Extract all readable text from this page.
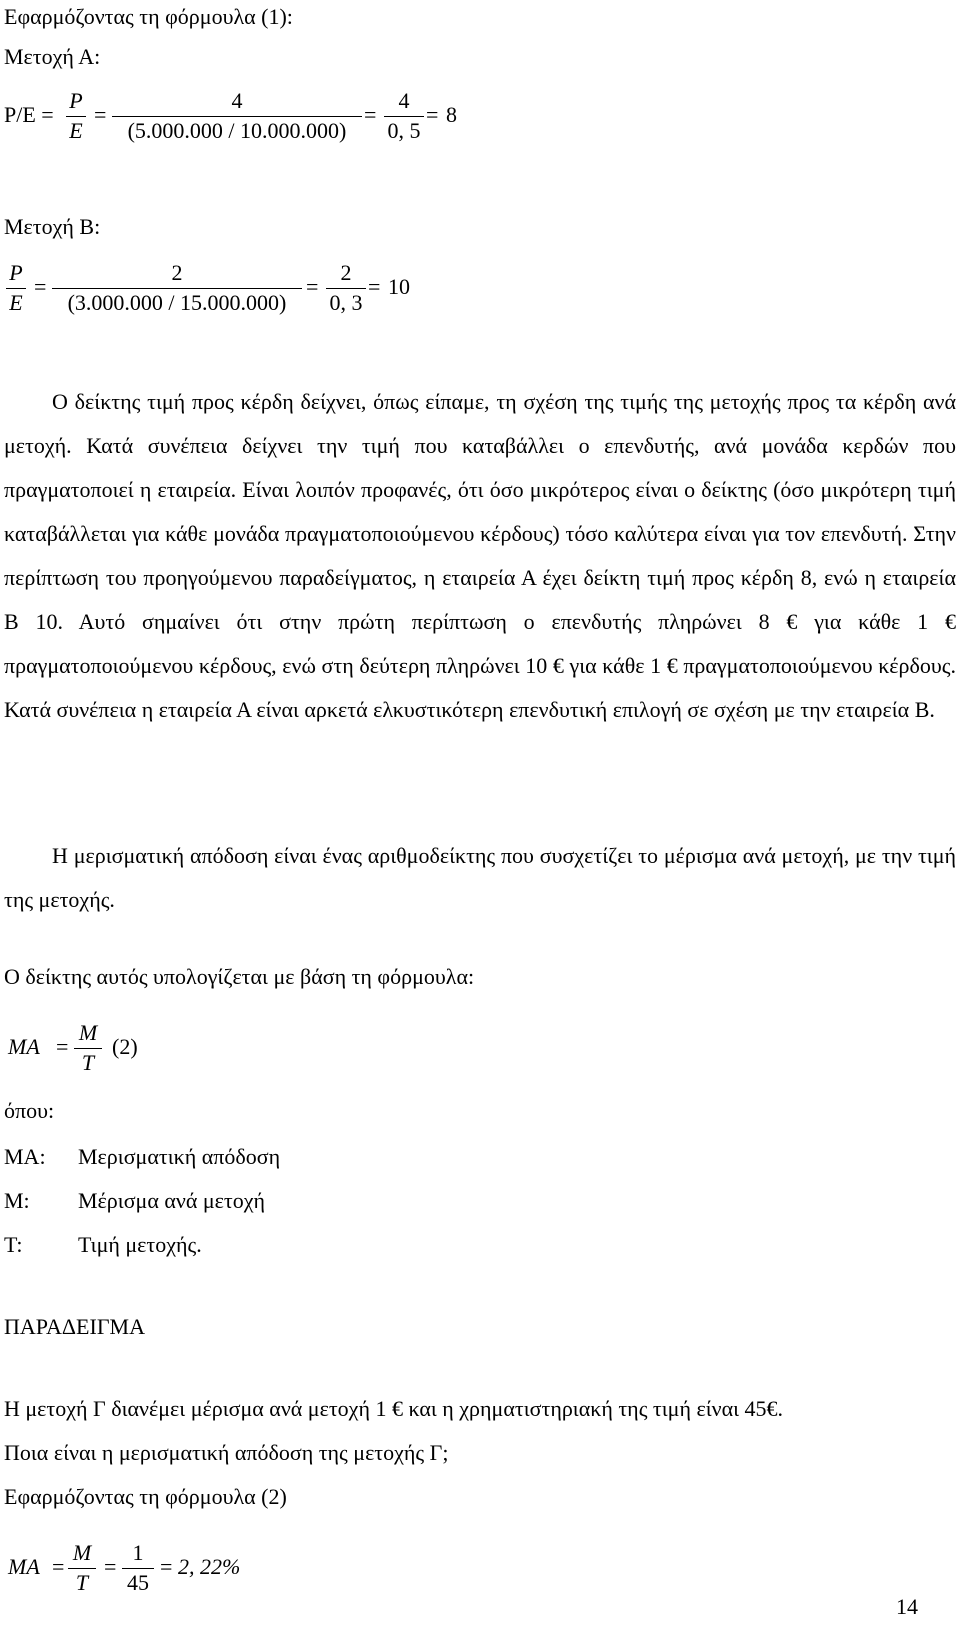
Εφαρμόζοντας τη φόρμουλα (1):
Μετοχή Α:
P/E =
P
E
=
4
(5.000.000 / 10.000.000)
=
4
0, 5
= 8
Μετοχή Β:
P
E
=
2
(3.000.000 / 15.000.000)
=
2
0, 3
= 10
Ο δείκτης τιμή προς κέρδη δείχνει, όπως είπαμε, τη σχέση της τιμής της μετοχής προς τα κέρδη ανά μετοχή. Κατά συνέπεια δείχνει την τιμή που καταβάλλει ο επενδυτής, ανά μονάδα κερδών που πραγματοποιεί η εταιρεία. Είναι λοιπόν προφανές, ότι όσο μικρότερος είναι ο δείκτης (όσο μικρότερη τιμή καταβάλλεται για κάθε μονάδα πραγματοποιούμενου κέρδους) τόσο καλύτερα είναι για τον επενδυτή. Στην περίπτωση του προηγούμενου παραδείγματος, η εταιρεία Α έχει δείκτη τιμή προς κέρδη 8, ενώ η εταιρεία Β 10. Αυτό σημαίνει ότι στην πρώτη περίπτωση ο επενδυτής πληρώνει 8 € για κάθε 1 € πραγματοποιούμενου κέρδους, ενώ στη δεύτερη πληρώνει 10 € για κάθε 1 € πραγματοποιούμενου κέρδους. Κατά συνέπεια η εταιρεία Α είναι αρκετά ελκυστικότερη επενδυτική επιλογή σε σχέση με την εταιρεία Β.
Η μερισματική απόδοση είναι ένας αριθμοδείκτης που συσχετίζει το μέρισμα ανά μετοχή, με την τιμή της μετοχής.
Ο δείκτης αυτός υπολογίζεται με βάση τη φόρμουλα:
MA =
M
T
(2)
όπου:
ΜΑ: Μερισματική απόδοση
Μ: Μέρισμα ανά μετοχή
Τ:	Τιμή μετοχής.
ΠΑΡΑΔΕΙΓΜΑ
Η μετοχή Γ διανέμει μέρισμα ανά μετοχή 1 € και η χρηματιστηριακή της τιμή είναι 45€.
Ποια είναι η μερισματική απόδοση της μετοχής Γ;
Εφαρμόζοντας τη φόρμουλα (2)
MA =
M
T
=
1
45
= 2, 22%
14
